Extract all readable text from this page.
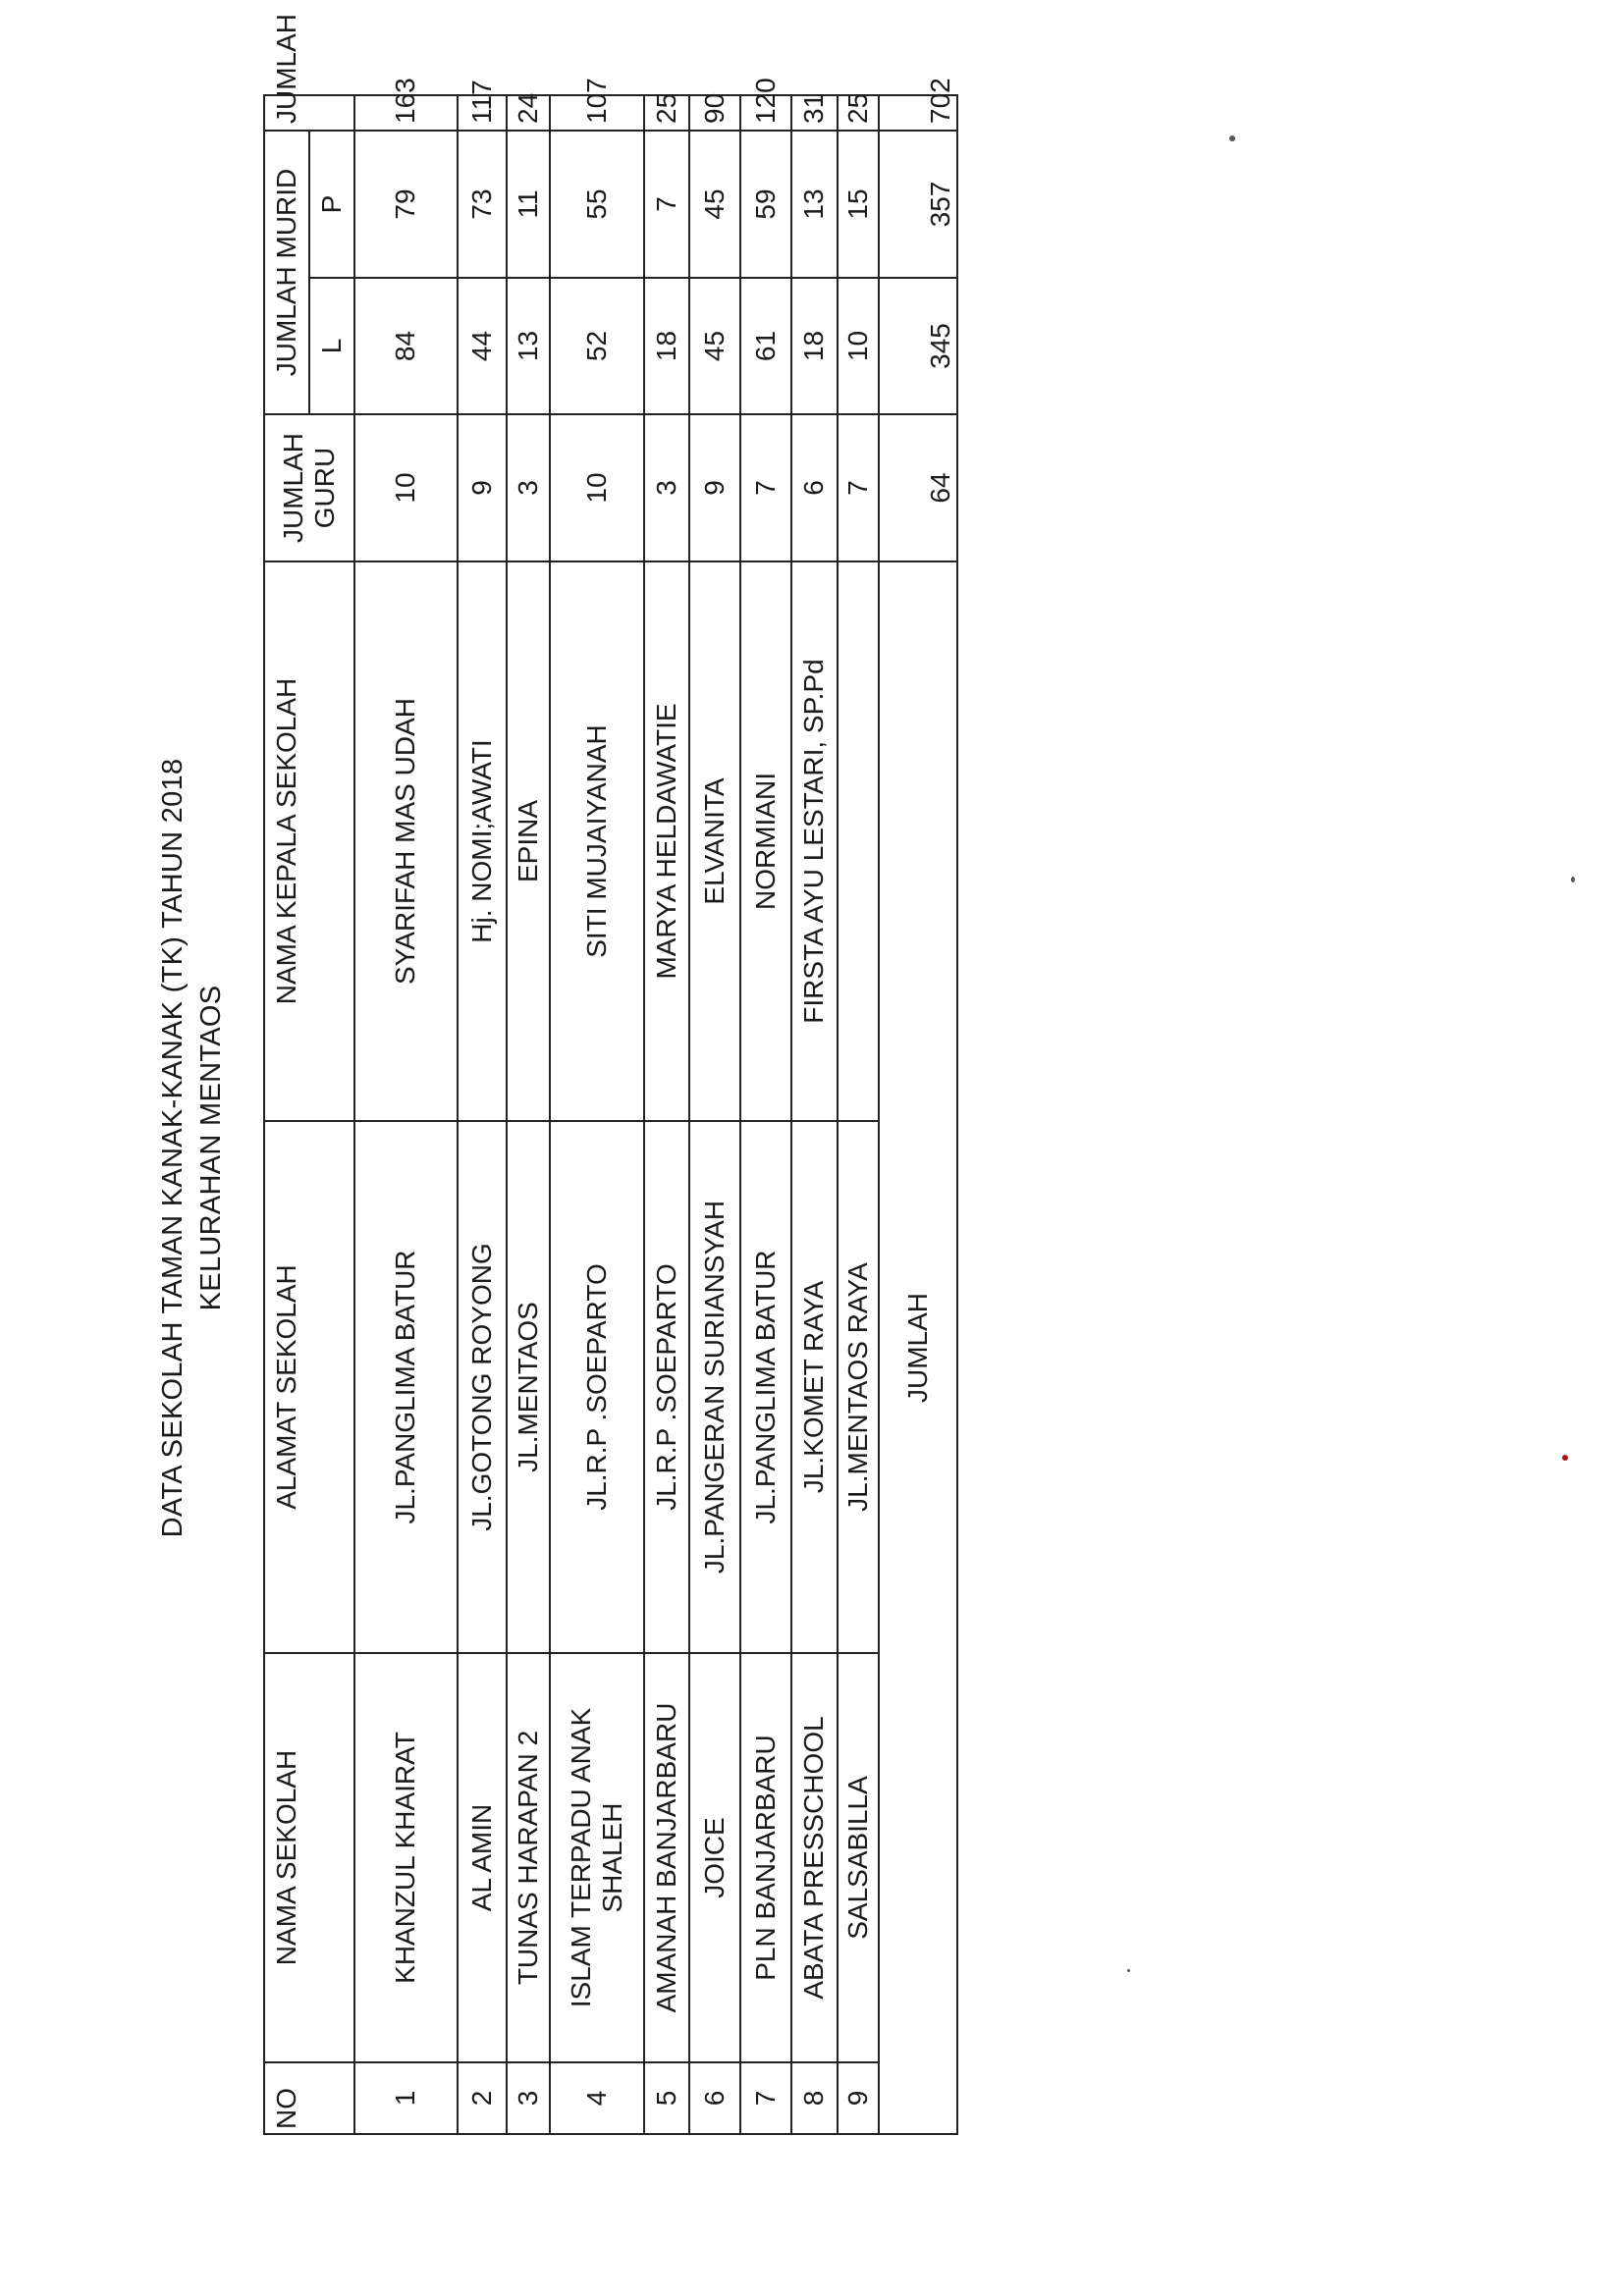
DATA SEKOLAH TAMAN KANAK-KANAK (TK) TAHUN 2018 KELURAHAN MENTAOS
NO	NAMA SEKOLAH	ALAMAT SEKOLAH	NAMA KEPALA SEKOLAH	JUMLAH GURU	JUMLAH MURID		JUMLAH
					L	P	
1	KHANZUL KHAIRAT	JL.PANGLIMA BATUR	SYARIFAH MAS UDAH	10	84	79	163
2	AL AMIN	JL.GOTONG ROYONG	Hj. NOMI;AWATI	9	44	73	117
3	TUNAS HARAPAN 2	JL.MENTAOS	EPINA	3	13	11	24
4	ISLAM TERPADU ANAK SHALEH	JL.R.P .SOEPARTO	SITI MUJAIYANAH	10	52	55	107
5	AMANAH BANJARBARU	JL.R.P .SOEPARTO	MARYA HELDAWATIE	3	18	7	25
6	JOICE	JL.PANGERAN SURIANSYAH	ELVANITA	9	45	45	90
7	PLN BANJARBARU	JL.PANGLIMA BATUR	NORMIANI	7	61	59	120
8	ABATA PRESSCHOOL	JL.KOMET RAYA	FIRSTA AYU LESTARI, SP.Pd	6	18	13	31
9	SALSABILLA	JL.MENTAOS RAYA		7	10	15	25
JUMLAH				64	345	357	702
